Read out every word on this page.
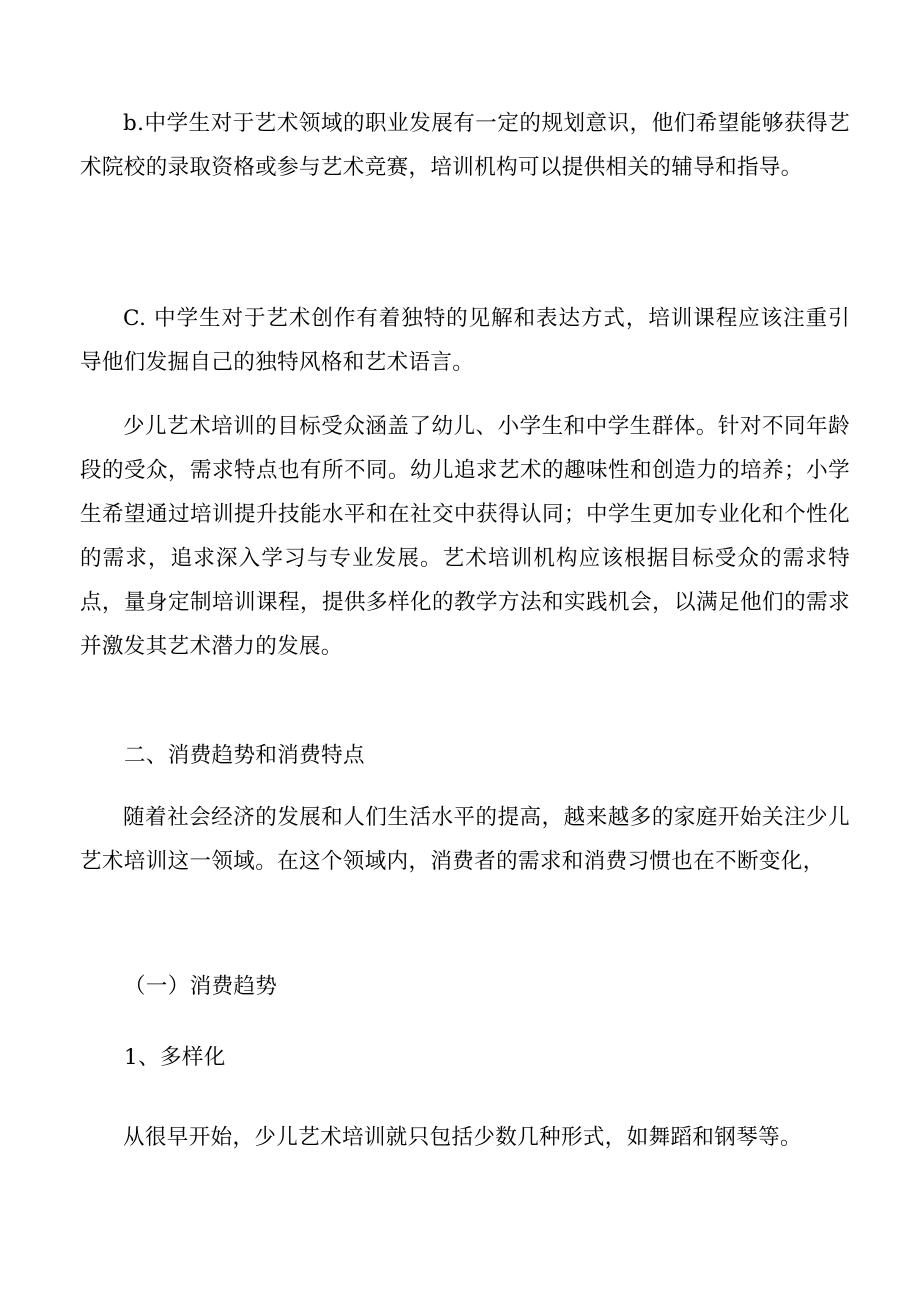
b.中学生对于艺术领域的职业发展有一定的规划意识，他们希望能够获得艺术院校的录取资格或参与艺术竞赛，培训机构可以提供相关的辅导和指导。

C. 中学生对于艺术创作有着独特的见解和表达方式，培训课程应该注重引导他们发掘自己的独特风格和艺术语言。

少儿艺术培训的目标受众涵盖了幼儿、小学生和中学生群体。针对不同年龄段的受众，需求特点也有所不同。幼儿追求艺术的趣味性和创造力的培养；小学生希望通过培训提升技能水平和在社交中获得认同；中学生更加专业化和个性化的需求，追求深入学习与专业发展。艺术培训机构应该根据目标受众的需求特点，量身定制培训课程，提供多样化的教学方法和实践机会，以满足他们的需求并激发其艺术潜力的发展。

二、消费趋势和消费特点

随着社会经济的发展和人们生活水平的提高，越来越多的家庭开始关注少儿艺术培训这一领域。在这个领域内，消费者的需求和消费习惯也在不断变化，

（一）消费趋势

1、多样化

从很早开始，少儿艺术培训就只包括少数几种形式，如舞蹈和钢琴等。
